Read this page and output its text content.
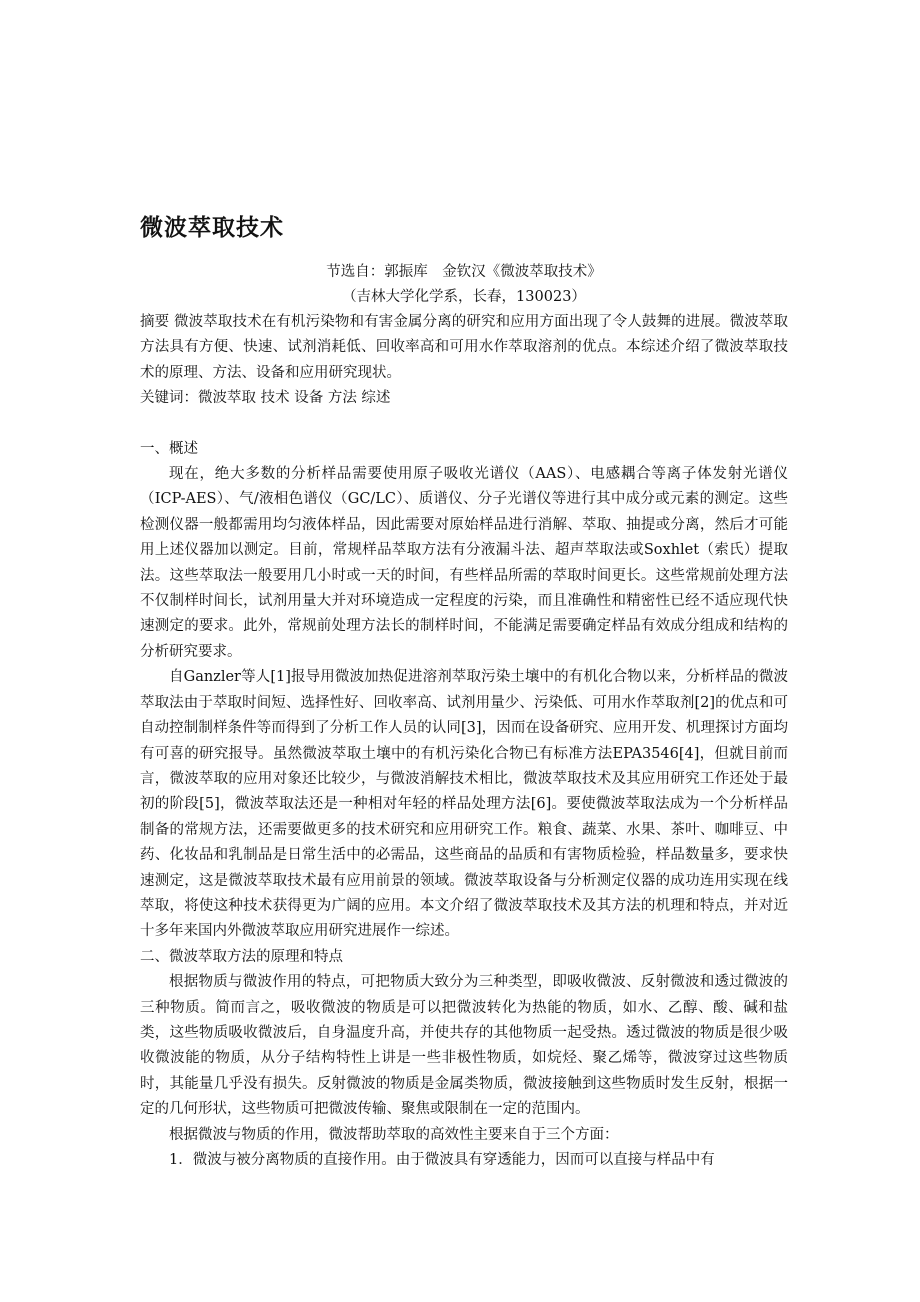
微波萃取技术
节选自：郭振库　金钦汉《微波萃取技术》
（吉林大学化学系，长春，130023）

摘要 微波萃取技术在有机污染物和有害金属分离的研究和应用方面出现了令人鼓舞的进展。微波萃取方法具有方便、快速、试剂消耗低、回收率高和可用水作萃取溶剂的优点。本综述介绍了微波萃取技术的原理、方法、设备和应用研究现状。

关键词：微波萃取 技术 设备 方法 综述

一、概述

现在，绝大多数的分析样品需要使用原子吸收光谱仪（AAS）、电感耦合等离子体发射光谱仪（ICP-AES）、气/液相色谱仪（GC/LC）、质谱仪、分子光谱仪等进行其中成分或元素的测定。这些检测仪器一般都需用均匀液体样品，因此需要对原始样品进行消解、萃取、抽提或分离，然后才可能用上述仪器加以测定。目前，常规样品萃取方法有分液漏斗法、超声萃取法或Soxhlet（索氏）提取法。这些萃取法一般要用几小时或一天的时间，有些样品所需的萃取时间更长。这些常规前处理方法不仅制样时间长，试剂用量大并对环境造成一定程度的污染，而且准确性和精密性已经不适应现代快速测定的要求。此外，常规前处理方法长的制样时间，不能满足需要确定样品有效成分组成和结构的分析研究要求。

自Ganzler等人[1]报导用微波加热促进溶剂萃取污染土壤中的有机化合物以来，分析样品的微波萃取法由于萃取时间短、选择性好、回收率高、试剂用量少、污染低、可用水作萃取剂[2]的优点和可自动控制制样条件等而得到了分析工作人员的认同[3]，因而在设备研究、应用开发、机理探讨方面均有可喜的研究报导。虽然微波萃取土壤中的有机污染化合物已有标准方法EPA3546[4]，但就目前而言，微波萃取的应用对象还比较少，与微波消解技术相比，微波萃取技术及其应用研究工作还处于最初的阶段[5]，微波萃取法还是一种相对年轻的样品处理方法[6]。要使微波萃取法成为一个分析样品制备的常规方法，还需要做更多的技术研究和应用研究工作。粮食、蔬菜、水果、茶叶、咖啡豆、中药、化妆品和乳制品是日常生活中的必需品，这些商品的品质和有害物质检验，样品数量多，要求快速测定，这是微波萃取技术最有应用前景的领域。微波萃取设备与分析测定仪器的成功连用实现在线萃取，将使这种技术获得更为广阔的应用。本文介绍了微波萃取技术及其方法的机理和特点，并对近十多年来国内外微波萃取应用研究进展作一综述。

二、微波萃取方法的原理和特点

根据物质与微波作用的特点，可把物质大致分为三种类型，即吸收微波、反射微波和透过微波的三种物质。简而言之，吸收微波的物质是可以把微波转化为热能的物质，如水、乙醇、酸、碱和盐类，这些物质吸收微波后，自身温度升高，并使共存的其他物质一起受热。透过微波的物质是很少吸收微波能的物质，从分子结构特性上讲是一些非极性物质，如烷烃、聚乙烯等，微波穿过这些物质时，其能量几乎没有损失。反射微波的物质是金属类物质，微波接触到这些物质时发生反射，根据一定的几何形状，这些物质可把微波传输、聚焦或限制在一定的范围内。

根据微波与物质的作用，微波帮助萃取的高效性主要来自于三个方面：

1．微波与被分离物质的直接作用。由于微波具有穿透能力，因而可以直接与样品中有
